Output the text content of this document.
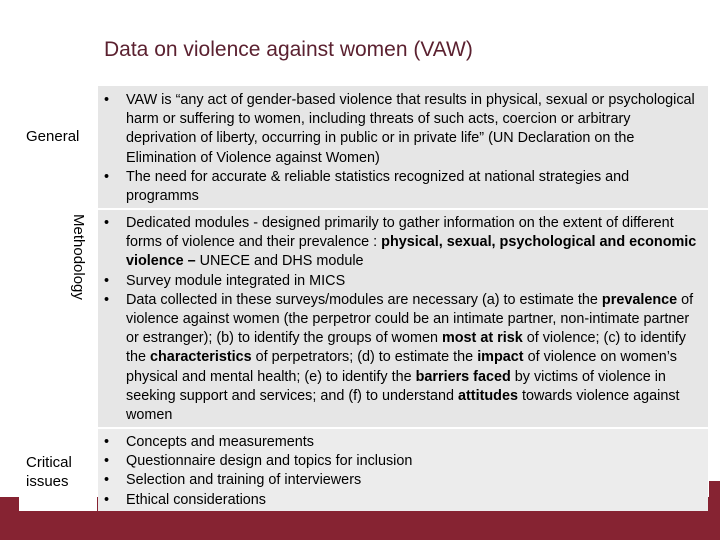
Data on violence against women (VAW)
General
• VAW is “any act of gender-based violence that results in physical, sexual or psychological harm or suffering to women, including threats of such acts, coercion or arbitrary deprivation of liberty, occurring in public or in private life” (UN Declaration on the Elimination of Violence against Women)
• The need for accurate & reliable statistics recognized at national strategies and programms
Methodology
•	Dedicated modules - designed primarily to gather information on the extent of different forms of violence and their prevalence : physical, sexual, psychological and economic violence – UNECE and DHS module
• Survey module integrated in MICS
• Data collected in these surveys/modules are necessary (a) to estimate the prevalence of violence against women (the perpetror could be an intimate partner, non-intimate partner or estranger); (b) to identify the groups of women most at risk of violence; (c) to identify the characteristics of perpetrators; (d) to estimate the impact of violence on women’s physical and mental health; (e) to identify the barriers faced by victims of violence in seeking support and services; and (f) to understand attitudes towards violence against women
Critical
issues
• Concepts and measurements
• Questionnaire design and topics for inclusion
• Selection and training of interviewers
• Ethical considerations
